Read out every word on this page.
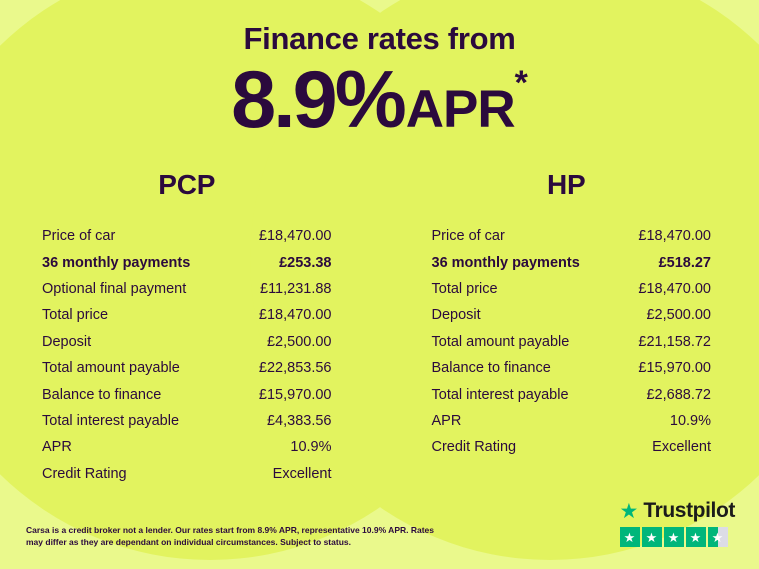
Finance rates from
8.9%APR*
PCP
Price of car	£18,470.00
36 monthly payments	£253.38
Optional final payment	£11,231.88
Total price	£18,470.00
Deposit	£2,500.00
Total amount payable	£22,853.56
Balance to finance	£15,970.00
Total interest payable	£4,383.56
APR	10.9%
Credit Rating	Excellent
HP
Price of car	£18,470.00
36 monthly payments	£518.27
Total price	£18,470.00
Deposit	£2,500.00
Total amount payable	£21,158.72
Balance to finance	£15,970.00
Total interest payable	£2,688.72
APR	10.9%
Credit Rating	Excellent
Carsa is a credit broker not a lender. Our rates start from 8.9% APR, representative 10.9% APR. Rates may differ as they are dependant on individual circumstances. Subject to status.
★ Trustpilot
★ ★ ★ ★ ★
